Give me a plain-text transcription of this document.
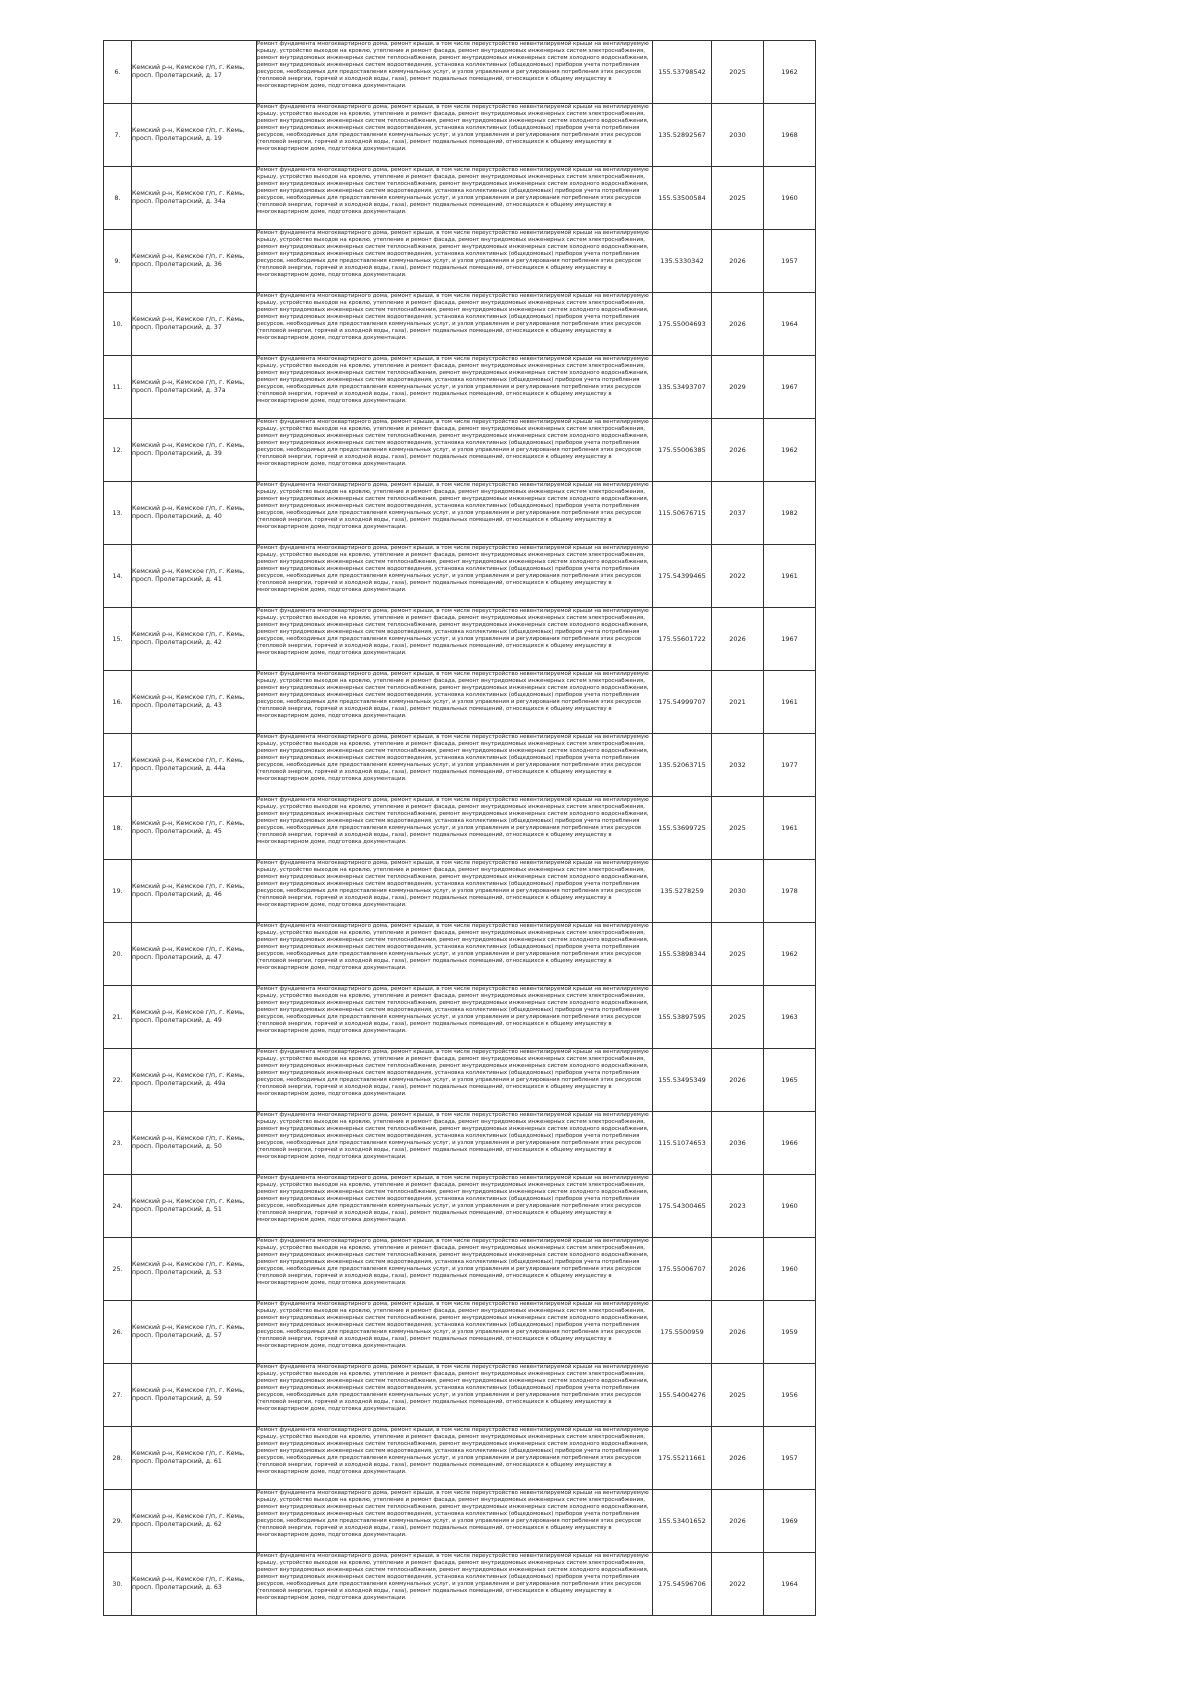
6.	Кемский р-н, Кемское г/п, г. Кемь, просп. Пролетарский, д. 17	Ремонт фундамента многоквартирного дома, ремонт крыши, в том числе переустройство невентилируемой крыши на вентилируемую крышу, устройство выходов на кровлю, утепление и ремонт фасада, ремонт внутридомовых инженерных систем электроснабжения, ремонт внутридомовых инженерных систем теплоснабжения, ремонт внутридомовых инженерных систем холодного водоснабжения, ремонт внутридомовых инженерных систем водоотведения, установка коллективных (общедомовых) приборов учета потребления ресурсов, необходимых для предоставления коммунальных услуг, и узлов управления и регулирования потребления этих ресурсов (тепловой энергии, горячей и холодной воды, газа), ремонт подвальных помещений, относящихся к общему имуществу в многоквартирном доме, подготовка документации.	155.53798542	2025	1962
7.	Кемский р-н, Кемское г/п, г. Кемь, просп. Пролетарский, д. 19	Ремонт фундамента многоквартирного дома, ремонт крыши, в том числе переустройство невентилируемой крыши на вентилируемую крышу, устройство выходов на кровлю, утепление и ремонт фасада, ремонт внутридомовых инженерных систем электроснабжения, ремонт внутридомовых инженерных систем теплоснабжения, ремонт внутридомовых инженерных систем холодного водоснабжения, ремонт внутридомовых инженерных систем водоотведения, установка коллективных (общедомовых) приборов учета потребления ресурсов, необходимых для предоставления коммунальных услуг, и узлов управления и регулирования потребления этих ресурсов (тепловой энергии, горячей и холодной воды, газа), ремонт подвальных помещений, относящихся к общему имуществу в многоквартирном доме, подготовка документации.	135.52892567	2030	1968
8.	Кемский р-н, Кемское г/п, г. Кемь, просп. Пролетарский, д. 34а	Ремонт фундамента многоквартирного дома, ремонт крыши, в том числе переустройство невентилируемой крыши на вентилируемую крышу, устройство выходов на кровлю, утепление и ремонт фасада, ремонт внутридомовых инженерных систем электроснабжения, ремонт внутридомовых инженерных систем теплоснабжения, ремонт внутридомовых инженерных систем холодного водоснабжения, ремонт внутридомовых инженерных систем водоотведения, установка коллективных (общедомовых) приборов учета потребления ресурсов, необходимых для предоставления коммунальных услуг, и узлов управления и регулирования потребления этих ресурсов (тепловой энергии, горячей и холодной воды, газа), ремонт подвальных помещений, относящихся к общему имуществу в многоквартирном доме, подготовка документации.	155.53500584	2025	1960
9.	Кемский р-н, Кемское г/п, г. Кемь, просп. Пролетарский, д. 36	Ремонт фундамента многоквартирного дома, ремонт крыши, в том числе переустройство невентилируемой крыши на вентилируемую крышу, устройство выходов на кровлю, утепление и ремонт фасада, ремонт внутридомовых инженерных систем электроснабжения, ремонт внутридомовых инженерных систем теплоснабжения, ремонт внутридомовых инженерных систем холодного водоснабжения, ремонт внутридомовых инженерных систем водоотведения, установка коллективных (общедомовых) приборов учета потребления ресурсов, необходимых для предоставления коммунальных услуг, и узлов управления и регулирования потребления этих ресурсов (тепловой энергии, горячей и холодной воды, газа), ремонт подвальных помещений, относящихся к общему имуществу в многоквартирном доме, подготовка документации.	135.5330342	2026	1957
10.	Кемский р-н, Кемское г/п, г. Кемь, просп. Пролетарский, д. 37	Ремонт фундамента многоквартирного дома, ремонт крыши, в том числе переустройство невентилируемой крыши на вентилируемую крышу, устройство выходов на кровлю, утепление и ремонт фасада, ремонт внутридомовых инженерных систем электроснабжения, ремонт внутридомовых инженерных систем теплоснабжения, ремонт внутридомовых инженерных систем холодного водоснабжения, ремонт внутридомовых инженерных систем водоотведения, установка коллективных (общедомовых) приборов учета потребления ресурсов, необходимых для предоставления коммунальных услуг, и узлов управления и регулирования потребления этих ресурсов (тепловой энергии, горячей и холодной воды, газа), ремонт подвальных помещений, относящихся к общему имуществу в многоквартирном доме, подготовка документации.	175.55004693	2026	1964
11.	Кемский р-н, Кемское г/п, г. Кемь, просп. Пролетарский, д. 37а	Ремонт фундамента многоквартирного дома, ремонт крыши, в том числе переустройство невентилируемой крыши на вентилируемую крышу, устройство выходов на кровлю, утепление и ремонт фасада, ремонт внутридомовых инженерных систем электроснабжения, ремонт внутридомовых инженерных систем теплоснабжения, ремонт внутридомовых инженерных систем холодного водоснабжения, ремонт внутридомовых инженерных систем водоотведения, установка коллективных (общедомовых) приборов учета потребления ресурсов, необходимых для предоставления коммунальных услуг, и узлов управления и регулирования потребления этих ресурсов (тепловой энергии, горячей и холодной воды, газа), ремонт подвальных помещений, относящихся к общему имуществу в многоквартирном доме, подготовка документации.	135.53493707	2029	1967
12.	Кемский р-н, Кемское г/п, г. Кемь, просп. Пролетарский, д. 39	Ремонт фундамента многоквартирного дома, ремонт крыши, в том числе переустройство невентилируемой крыши на вентилируемую крышу, устройство выходов на кровлю, утепление и ремонт фасада, ремонт внутридомовых инженерных систем электроснабжения, ремонт внутридомовых инженерных систем теплоснабжения, ремонт внутридомовых инженерных систем холодного водоснабжения, ремонт внутридомовых инженерных систем водоотведения, установка коллективных (общедомовых) приборов учета потребления ресурсов, необходимых для предоставления коммунальных услуг, и узлов управления и регулирования потребления этих ресурсов (тепловой энергии, горячей и холодной воды, газа), ремонт подвальных помещений, относящихся к общему имуществу в многоквартирном доме, подготовка документации.	175.55006385	2026	1962
13.	Кемский р-н, Кемское г/п, г. Кемь, просп. Пролетарский, д. 40	Ремонт фундамента многоквартирного дома, ремонт крыши, в том числе переустройство невентилируемой крыши на вентилируемую крышу, устройство выходов на кровлю, утепление и ремонт фасада, ремонт внутридомовых инженерных систем электроснабжения, ремонт внутридомовых инженерных систем теплоснабжения, ремонт внутридомовых инженерных систем холодного водоснабжения, ремонт внутридомовых инженерных систем водоотведения, установка коллективных (общедомовых) приборов учета потребления ресурсов, необходимых для предоставления коммунальных услуг, и узлов управления и регулирования потребления этих ресурсов (тепловой энергии, горячей и холодной воды, газа), ремонт подвальных помещений, относящихся к общему имуществу в многоквартирном доме, подготовка документации.	115.50676715	2037	1982
14.	Кемский р-н, Кемское г/п, г. Кемь, просп. Пролетарский, д. 41	Ремонт фундамента многоквартирного дома, ремонт крыши, в том числе переустройство невентилируемой крыши на вентилируемую крышу, устройство выходов на кровлю, утепление и ремонт фасада, ремонт внутридомовых инженерных систем электроснабжения, ремонт внутридомовых инженерных систем теплоснабжения, ремонт внутридомовых инженерных систем холодного водоснабжения, ремонт внутридомовых инженерных систем водоотведения, установка коллективных (общедомовых) приборов учета потребления ресурсов, необходимых для предоставления коммунальных услуг, и узлов управления и регулирования потребления этих ресурсов (тепловой энергии, горячей и холодной воды, газа), ремонт подвальных помещений, относящихся к общему имуществу в многоквартирном доме, подготовка документации.	175.54399465	2022	1961
15.	Кемский р-н, Кемское г/п, г. Кемь, просп. Пролетарский, д. 42	Ремонт фундамента многоквартирного дома, ремонт крыши, в том числе переустройство невентилируемой крыши на вентилируемую крышу, устройство выходов на кровлю, утепление и ремонт фасада, ремонт внутридомовых инженерных систем электроснабжения, ремонт внутридомовых инженерных систем теплоснабжения, ремонт внутридомовых инженерных систем холодного водоснабжения, ремонт внутридомовых инженерных систем водоотведения, установка коллективных (общедомовых) приборов учета потребления ресурсов, необходимых для предоставления коммунальных услуг, и узлов управления и регулирования потребления этих ресурсов (тепловой энергии, горячей и холодной воды, газа), ремонт подвальных помещений, относящихся к общему имуществу в многоквартирном доме, подготовка документации.	175.55601722	2026	1967
16.	Кемский р-н, Кемское г/п, г. Кемь, просп. Пролетарский, д. 43	Ремонт фундамента многоквартирного дома, ремонт крыши, в том числе переустройство невентилируемой крыши на вентилируемую крышу, устройство выходов на кровлю, утепление и ремонт фасада, ремонт внутридомовых инженерных систем электроснабжения, ремонт внутридомовых инженерных систем теплоснабжения, ремонт внутридомовых инженерных систем холодного водоснабжения, ремонт внутридомовых инженерных систем водоотведения, установка коллективных (общедомовых) приборов учета потребления ресурсов, необходимых для предоставления коммунальных услуг, и узлов управления и регулирования потребления этих ресурсов (тепловой энергии, горячей и холодной воды, газа), ремонт подвальных помещений, относящихся к общему имуществу в многоквартирном доме, подготовка документации.	175.54999707	2021	1961
17.	Кемский р-н, Кемское г/п, г. Кемь, просп. Пролетарский, д. 44а	Ремонт фундамента многоквартирного дома, ремонт крыши, в том числе переустройство невентилируемой крыши на вентилируемую крышу, устройство выходов на кровлю, утепление и ремонт фасада, ремонт внутридомовых инженерных систем электроснабжения, ремонт внутридомовых инженерных систем теплоснабжения, ремонт внутридомовых инженерных систем холодного водоснабжения, ремонт внутридомовых инженерных систем водоотведения, установка коллективных (общедомовых) приборов учета потребления ресурсов, необходимых для предоставления коммунальных услуг, и узлов управления и регулирования потребления этих ресурсов (тепловой энергии, горячей и холодной воды, газа), ремонт подвальных помещений, относящихся к общему имуществу в многоквартирном доме, подготовка документации.	135.52063715	2032	1977
18.	Кемский р-н, Кемское г/п, г. Кемь, просп. Пролетарский, д. 45	Ремонт фундамента многоквартирного дома, ремонт крыши, в том числе переустройство невентилируемой крыши на вентилируемую крышу, устройство выходов на кровлю, утепление и ремонт фасада, ремонт внутридомовых инженерных систем электроснабжения, ремонт внутридомовых инженерных систем теплоснабжения, ремонт внутридомовых инженерных систем холодного водоснабжения, ремонт внутридомовых инженерных систем водоотведения, установка коллективных (общедомовых) приборов учета потребления ресурсов, необходимых для предоставления коммунальных услуг, и узлов управления и регулирования потребления этих ресурсов (тепловой энергии, горячей и холодной воды, газа), ремонт подвальных помещений, относящихся к общему имуществу в многоквартирном доме, подготовка документации.	155.53699725	2025	1961
19.	Кемский р-н, Кемское г/п, г. Кемь, просп. Пролетарский, д. 46	Ремонт фундамента многоквартирного дома, ремонт крыши, в том числе переустройство невентилируемой крыши на вентилируемую крышу, устройство выходов на кровлю, утепление и ремонт фасада, ремонт внутридомовых инженерных систем электроснабжения, ремонт внутридомовых инженерных систем теплоснабжения, ремонт внутридомовых инженерных систем холодного водоснабжения, ремонт внутридомовых инженерных систем водоотведения, установка коллективных (общедомовых) приборов учета потребления ресурсов, необходимых для предоставления коммунальных услуг, и узлов управления и регулирования потребления этих ресурсов (тепловой энергии, горячей и холодной воды, газа), ремонт подвальных помещений, относящихся к общему имуществу в многоквартирном доме, подготовка документации.	135.5278259	2030	1978
20.	Кемский р-н, Кемское г/п, г. Кемь, просп. Пролетарский, д. 47	Ремонт фундамента многоквартирного дома, ремонт крыши, в том числе переустройство невентилируемой крыши на вентилируемую крышу, устройство выходов на кровлю, утепление и ремонт фасада, ремонт внутридомовых инженерных систем электроснабжения, ремонт внутридомовых инженерных систем теплоснабжения, ремонт внутридомовых инженерных систем холодного водоснабжения, ремонт внутридомовых инженерных систем водоотведения, установка коллективных (общедомовых) приборов учета потребления ресурсов, необходимых для предоставления коммунальных услуг, и узлов управления и регулирования потребления этих ресурсов (тепловой энергии, горячей и холодной воды, газа), ремонт подвальных помещений, относящихся к общему имуществу в многоквартирном доме, подготовка документации.	155.53898344	2025	1962
21.	Кемский р-н, Кемское г/п, г. Кемь, просп. Пролетарский, д. 49	Ремонт фундамента многоквартирного дома, ремонт крыши, в том числе переустройство невентилируемой крыши на вентилируемую крышу, устройство выходов на кровлю, утепление и ремонт фасада, ремонт внутридомовых инженерных систем электроснабжения, ремонт внутридомовых инженерных систем теплоснабжения, ремонт внутридомовых инженерных систем холодного водоснабжения, ремонт внутридомовых инженерных систем водоотведения, установка коллективных (общедомовых) приборов учета потребления ресурсов, необходимых для предоставления коммунальных услуг, и узлов управления и регулирования потребления этих ресурсов (тепловой энергии, горячей и холодной воды, газа), ремонт подвальных помещений, относящихся к общему имуществу в многоквартирном доме, подготовка документации.	155.53897595	2025	1963
22.	Кемский р-н, Кемское г/п, г. Кемь, просп. Пролетарский, д. 49а	Ремонт фундамента многоквартирного дома, ремонт крыши, в том числе переустройство невентилируемой крыши на вентилируемую крышу, устройство выходов на кровлю, утепление и ремонт фасада, ремонт внутридомовых инженерных систем электроснабжения, ремонт внутридомовых инженерных систем теплоснабжения, ремонт внутридомовых инженерных систем холодного водоснабжения, ремонт внутридомовых инженерных систем водоотведения, установка коллективных (общедомовых) приборов учета потребления ресурсов, необходимых для предоставления коммунальных услуг, и узлов управления и регулирования потребления этих ресурсов (тепловой энергии, горячей и холодной воды, газа), ремонт подвальных помещений, относящихся к общему имуществу в многоквартирном доме, подготовка документации.	155.53495349	2026	1965
23.	Кемский р-н, Кемское г/п, г. Кемь, просп. Пролетарский, д. 50	Ремонт фундамента многоквартирного дома, ремонт крыши, в том числе переустройство невентилируемой крыши на вентилируемую крышу, устройство выходов на кровлю, утепление и ремонт фасада, ремонт внутридомовых инженерных систем электроснабжения, ремонт внутридомовых инженерных систем теплоснабжения, ремонт внутридомовых инженерных систем холодного водоснабжения, ремонт внутридомовых инженерных систем водоотведения, установка коллективных (общедомовых) приборов учета потребления ресурсов, необходимых для предоставления коммунальных услуг, и узлов управления и регулирования потребления этих ресурсов (тепловой энергии, горячей и холодной воды, газа), ремонт подвальных помещений, относящихся к общему имуществу в многоквартирном доме, подготовка документации.	115.51074653	2036	1966
24.	Кемский р-н, Кемское г/п, г. Кемь, просп. Пролетарский, д. 51	Ремонт фундамента многоквартирного дома, ремонт крыши, в том числе переустройство невентилируемой крыши на вентилируемую крышу, устройство выходов на кровлю, утепление и ремонт фасада, ремонт внутридомовых инженерных систем электроснабжения, ремонт внутридомовых инженерных систем теплоснабжения, ремонт внутридомовых инженерных систем холодного водоснабжения, ремонт внутридомовых инженерных систем водоотведения, установка коллективных (общедомовых) приборов учета потребления ресурсов, необходимых для предоставления коммунальных услуг, и узлов управления и регулирования потребления этих ресурсов (тепловой энергии, горячей и холодной воды, газа), ремонт подвальных помещений, относящихся к общему имуществу в многоквартирном доме, подготовка документации.	175.54300465	2023	1960
25.	Кемский р-н, Кемское г/п, г. Кемь, просп. Пролетарский, д. 53	Ремонт фундамента многоквартирного дома, ремонт крыши, в том числе переустройство невентилируемой крыши на вентилируемую крышу, устройство выходов на кровлю, утепление и ремонт фасада, ремонт внутридомовых инженерных систем электроснабжения, ремонт внутридомовых инженерных систем теплоснабжения, ремонт внутридомовых инженерных систем холодного водоснабжения, ремонт внутридомовых инженерных систем водоотведения, установка коллективных (общедомовых) приборов учета потребления ресурсов, необходимых для предоставления коммунальных услуг, и узлов управления и регулирования потребления этих ресурсов (тепловой энергии, горячей и холодной воды, газа), ремонт подвальных помещений, относящихся к общему имуществу в многоквартирном доме, подготовка документации.	175.55006707	2026	1960
26.	Кемский р-н, Кемское г/п, г. Кемь, просп. Пролетарский, д. 57	Ремонт фундамента многоквартирного дома, ремонт крыши, в том числе переустройство невентилируемой крыши на вентилируемую крышу, устройство выходов на кровлю, утепление и ремонт фасада, ремонт внутридомовых инженерных систем электроснабжения, ремонт внутридомовых инженерных систем теплоснабжения, ремонт внутридомовых инженерных систем холодного водоснабжения, ремонт внутридомовых инженерных систем водоотведения, установка коллективных (общедомовых) приборов учета потребления ресурсов, необходимых для предоставления коммунальных услуг, и узлов управления и регулирования потребления этих ресурсов (тепловой энергии, горячей и холодной воды, газа), ремонт подвальных помещений, относящихся к общему имуществу в многоквартирном доме, подготовка документации.	175.5500959	2026	1959
27.	Кемский р-н, Кемское г/п, г. Кемь, просп. Пролетарский, д. 59	Ремонт фундамента многоквартирного дома, ремонт крыши, в том числе переустройство невентилируемой крыши на вентилируемую крышу, устройство выходов на кровлю, утепление и ремонт фасада, ремонт внутридомовых инженерных систем электроснабжения, ремонт внутридомовых инженерных систем теплоснабжения, ремонт внутридомовых инженерных систем холодного водоснабжения, ремонт внутридомовых инженерных систем водоотведения, установка коллективных (общедомовых) приборов учета потребления ресурсов, необходимых для предоставления коммунальных услуг, и узлов управления и регулирования потребления этих ресурсов (тепловой энергии, горячей и холодной воды, газа), ремонт подвальных помещений, относящихся к общему имуществу в многоквартирном доме, подготовка документации.	155.54004276	2025	1956
28.	Кемский р-н, Кемское г/п, г. Кемь, просп. Пролетарский, д. 61	Ремонт фундамента многоквартирного дома, ремонт крыши, в том числе переустройство невентилируемой крыши на вентилируемую крышу, устройство выходов на кровлю, утепление и ремонт фасада, ремонт внутридомовых инженерных систем электроснабжения, ремонт внутридомовых инженерных систем теплоснабжения, ремонт внутридомовых инженерных систем холодного водоснабжения, ремонт внутридомовых инженерных систем водоотведения, установка коллективных (общедомовых) приборов учета потребления ресурсов, необходимых для предоставления коммунальных услуг, и узлов управления и регулирования потребления этих ресурсов (тепловой энергии, горячей и холодной воды, газа), ремонт подвальных помещений, относящихся к общему имуществу в многоквартирном доме, подготовка документации.	175.55211661	2026	1957
29.	Кемский р-н, Кемское г/п, г. Кемь, просп. Пролетарский, д. 62	Ремонт фундамента многоквартирного дома, ремонт крыши, в том числе переустройство невентилируемой крыши на вентилируемую крышу, устройство выходов на кровлю, утепление и ремонт фасада, ремонт внутридомовых инженерных систем электроснабжения, ремонт внутридомовых инженерных систем теплоснабжения, ремонт внутридомовых инженерных систем холодного водоснабжения, ремонт внутридомовых инженерных систем водоотведения, установка коллективных (общедомовых) приборов учета потребления ресурсов, необходимых для предоставления коммунальных услуг, и узлов управления и регулирования потребления этих ресурсов (тепловой энергии, горячей и холодной воды, газа), ремонт подвальных помещений, относящихся к общему имуществу в многоквартирном доме, подготовка документации.	155.53401652	2026	1969
30.	Кемский р-н, Кемское г/п, г. Кемь, просп. Пролетарский, д. 63	Ремонт фундамента многоквартирного дома, ремонт крыши, в том числе переустройство невентилируемой крыши на вентилируемую крышу, устройство выходов на кровлю, утепление и ремонт фасада, ремонт внутридомовых инженерных систем электроснабжения, ремонт внутридомовых инженерных систем теплоснабжения, ремонт внутридомовых инженерных систем холодного водоснабжения, ремонт внутридомовых инженерных систем водоотведения, установка коллективных (общедомовых) приборов учета потребления ресурсов, необходимых для предоставления коммунальных услуг, и узлов управления и регулирования потребления этих ресурсов (тепловой энергии, горячей и холодной воды, газа), ремонт подвальных помещений, относящихся к общему имуществу в многоквартирном доме, подготовка документации.	175.54596706	2022	1964
